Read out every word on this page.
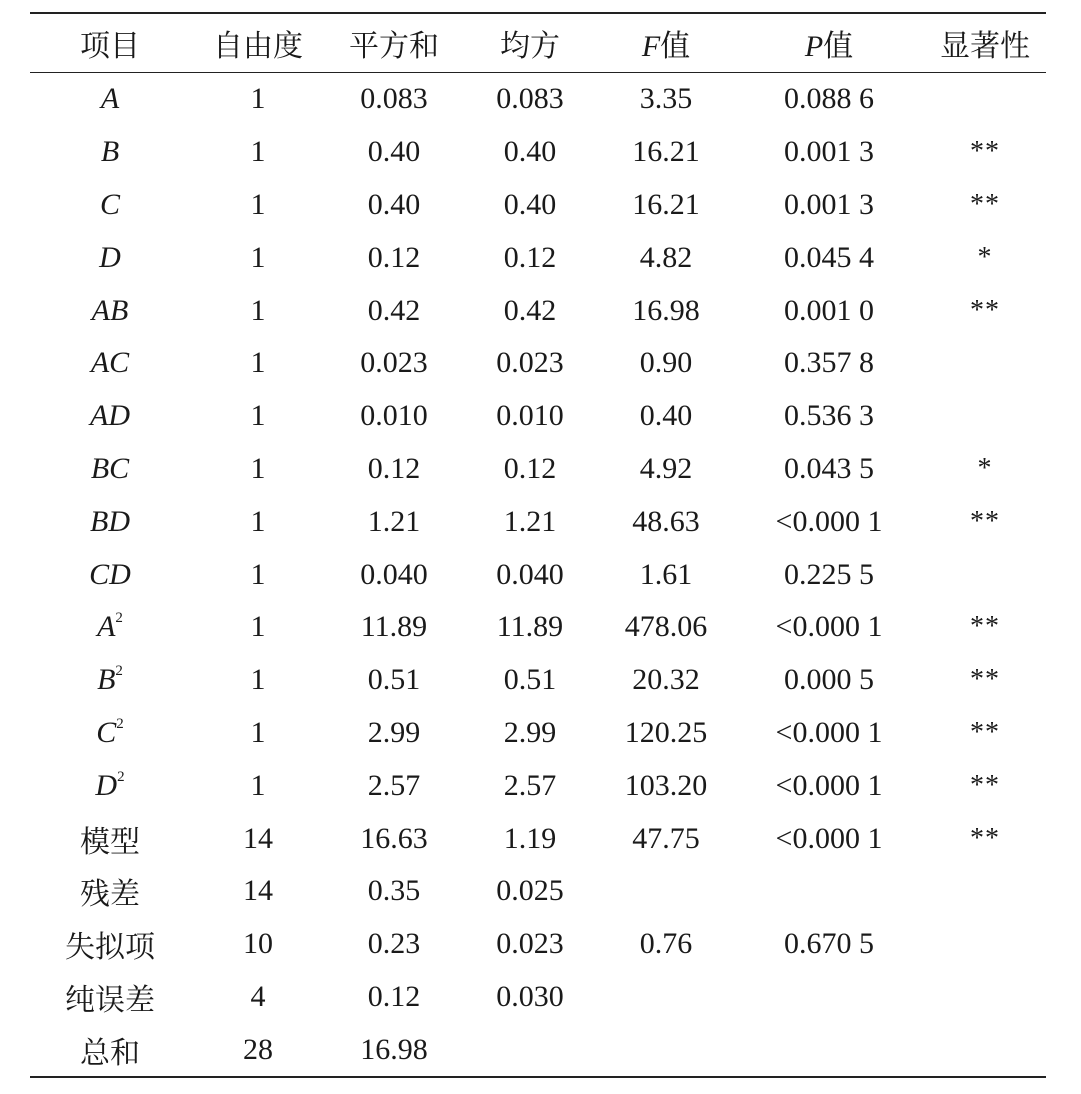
项目	自由度	平方和	均方	F值	P值	显著性
A	1	0.083	0.083	3.35	0.088 6	
B	1	0.40	0.40	16.21	0.001 3	**
C	1	0.40	0.40	16.21	0.001 3	**
D	1	0.12	0.12	4.82	0.045 4	*
AB	1	0.42	0.42	16.98	0.001 0	**
AC	1	0.023	0.023	0.90	0.357 8	
AD	1	0.010	0.010	0.40	0.536 3	
BC	1	0.12	0.12	4.92	0.043 5	*
BD	1	1.21	1.21	48.63	<0.000 1	**
CD	1	0.040	0.040	1.61	0.225 5	
$A^2$	1	11.89	11.89	478.06	<0.000 1	**
$B^2$	1	0.51	0.51	20.32	0.000 5	**
$C^2$	1	2.99	2.99	120.25	<0.000 1	**
$D^2$	1	2.57	2.57	103.20	<0.000 1	**
模型	14	16.63	1.19	47.75	<0.000 1	**
残差	14	0.35	0.025			
失拟项	10	0.23	0.023	0.76	0.670 5	
纯误差	4	0.12	0.030			
总和	28	16.98				
